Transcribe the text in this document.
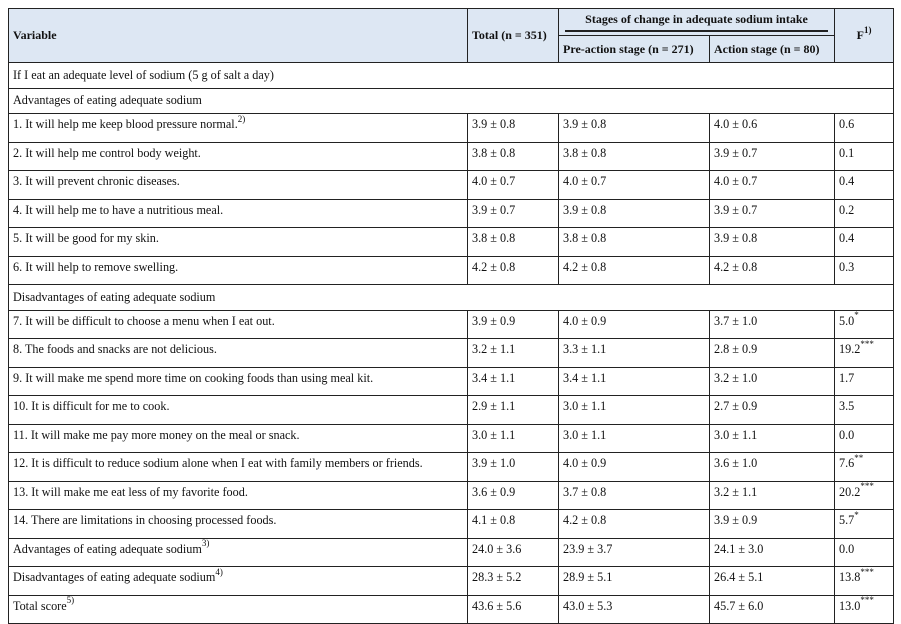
Variable	Total (n = 351)	Stages of change in adequate sodium intake		$F^{1)}$
		Pre-action stage (n = 271)	Action stage (n = 80)	
If I eat an adequate level of sodium (5 g of salt a day)				
Advantages of eating adequate sodium				
1. It will help me keep blood pressure normal.$^{2)}$	3.9 ± 0.8	3.9 ± 0.8	4.0 ± 0.6	0.6
2. It will help me control body weight.	3.8 ± 0.8	3.8 ± 0.8	3.9 ± 0.7	0.1
3. It will prevent chronic diseases.	4.0 ± 0.7	4.0 ± 0.7	4.0 ± 0.7	0.4
4. It will help me to have a nutritious meal.	3.9 ± 0.7	3.9 ± 0.8	3.9 ± 0.7	0.2
5. It will be good for my skin.	3.8 ± 0.8	3.8 ± 0.8	3.9 ± 0.8	0.4
6. It will help to remove swelling.	4.2 ± 0.8	4.2 ± 0.8	4.2 ± 0.8	0.3
Disadvantages of eating adequate sodium				
7. It will be difficult to choose a menu when I eat out.	3.9 ± 0.9	4.0 ± 0.9	3.7 ± 1.0	5.0*
8. The foods and snacks are not delicious.	3.2 ± 1.1	3.3 ± 1.1	2.8 ± 0.9	19.2***
9. It will make me spend more time on cooking foods than using meal kit.	3.4 ± 1.1	3.4 ± 1.1	3.2 ± 1.0	1.7
10. It is difficult for me to cook.	2.9 ± 1.1	3.0 ± 1.1	2.7 ± 0.9	3.5
11. It will make me pay more money on the meal or snack.	3.0 ± 1.1	3.0 ± 1.1	3.0 ± 1.1	0.0
12. It is difficult to reduce sodium alone when I eat with family members or friends.	3.9 ± 1.0	4.0 ± 0.9	3.6 ± 1.0	7.6**
13. It will make me eat less of my favorite food.	3.6 ± 0.9	3.7 ± 0.8	3.2 ± 1.1	20.2***
14. There are limitations in choosing processed foods.	4.1 ± 0.8	4.2 ± 0.8	3.9 ± 0.9	5.7*
Advantages of eating adequate sodium$^{3)}$	24.0 ± 3.6	23.9 ± 3.7	24.1 ± 3.0	0.0
Disadvantages of eating adequate sodium$^{4)}$	28.3 ± 5.2	28.9 ± 5.1	26.4 ± 5.1	13.8***
Total score$^{5)}$	43.6 ± 5.6	43.0 ± 5.3	45.7 ± 6.0	13.0***
